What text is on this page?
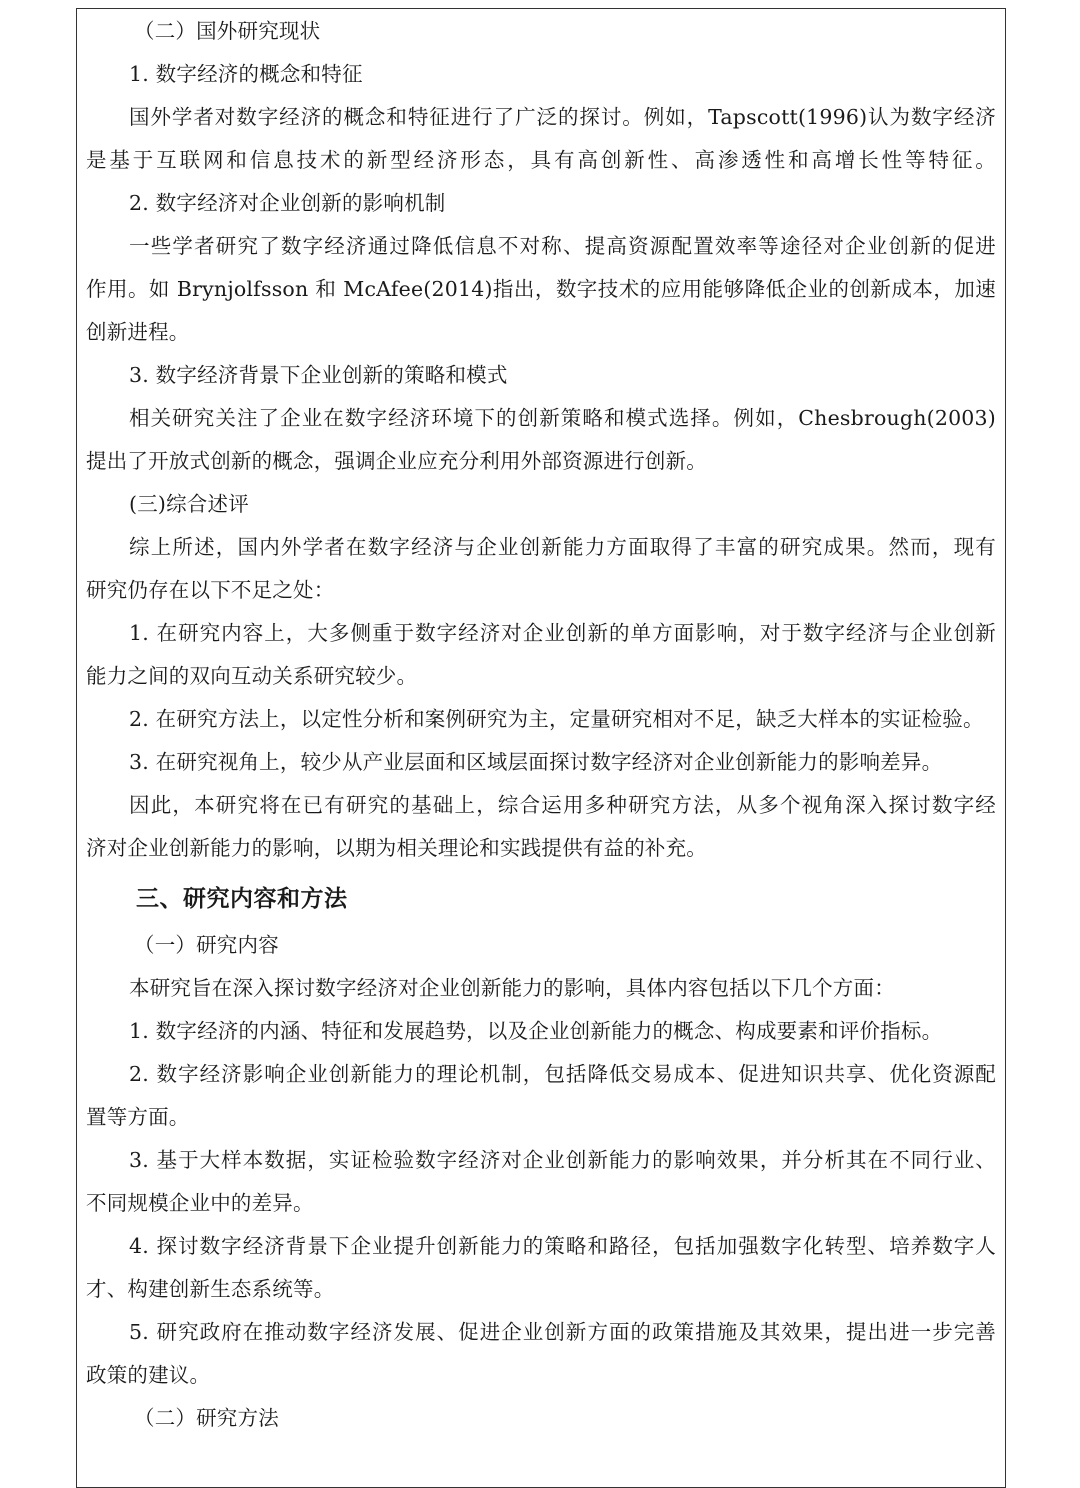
（二）国外研究现状
1. 数字经济的概念和特征
国外学者对数字经济的概念和特征进行了广泛的探讨。例如，Tapscott(1996)认为数字经济
是基于互联网和信息技术的新型经济形态，具有高创新性、高渗透性和高增长性等特征。
2. 数字经济对企业创新的影响机制
一些学者研究了数字经济通过降低信息不对称、提高资源配置效率等途径对企业创新的促进
作用。如 Brynjolfsson 和 McAfee(2014)指出，数字技术的应用能够降低企业的创新成本，加速
创新进程。
3. 数字经济背景下企业创新的策略和模式
相关研究关注了企业在数字经济环境下的创新策略和模式选择。例如，Chesbrough(2003)
提出了开放式创新的概念，强调企业应充分利用外部资源进行创新。
(三)综合述评
综上所述，国内外学者在数字经济与企业创新能力方面取得了丰富的研究成果。然而，现有
研究仍存在以下不足之处：
1. 在研究内容上，大多侧重于数字经济对企业创新的单方面影响，对于数字经济与企业创新
能力之间的双向互动关系研究较少。
2. 在研究方法上，以定性分析和案例研究为主，定量研究相对不足，缺乏大样本的实证检验。
3. 在研究视角上，较少从产业层面和区域层面探讨数字经济对企业创新能力的影响差异。
因此，本研究将在已有研究的基础上，综合运用多种研究方法，从多个视角深入探讨数字经
济对企业创新能力的影响，以期为相关理论和实践提供有益的补充。
三、研究内容和方法
（一）研究内容
本研究旨在深入探讨数字经济对企业创新能力的影响，具体内容包括以下几个方面：
1. 数字经济的内涵、特征和发展趋势，以及企业创新能力的概念、构成要素和评价指标。
2. 数字经济影响企业创新能力的理论机制，包括降低交易成本、促进知识共享、优化资源配
置等方面。
3. 基于大样本数据，实证检验数字经济对企业创新能力的影响效果，并分析其在不同行业、
不同规模企业中的差异。
4. 探讨数字经济背景下企业提升创新能力的策略和路径，包括加强数字化转型、培养数字人
才、构建创新生态系统等。
5. 研究政府在推动数字经济发展、促进企业创新方面的政策措施及其效果，提出进一步完善
政策的建议。
（二）研究方法
